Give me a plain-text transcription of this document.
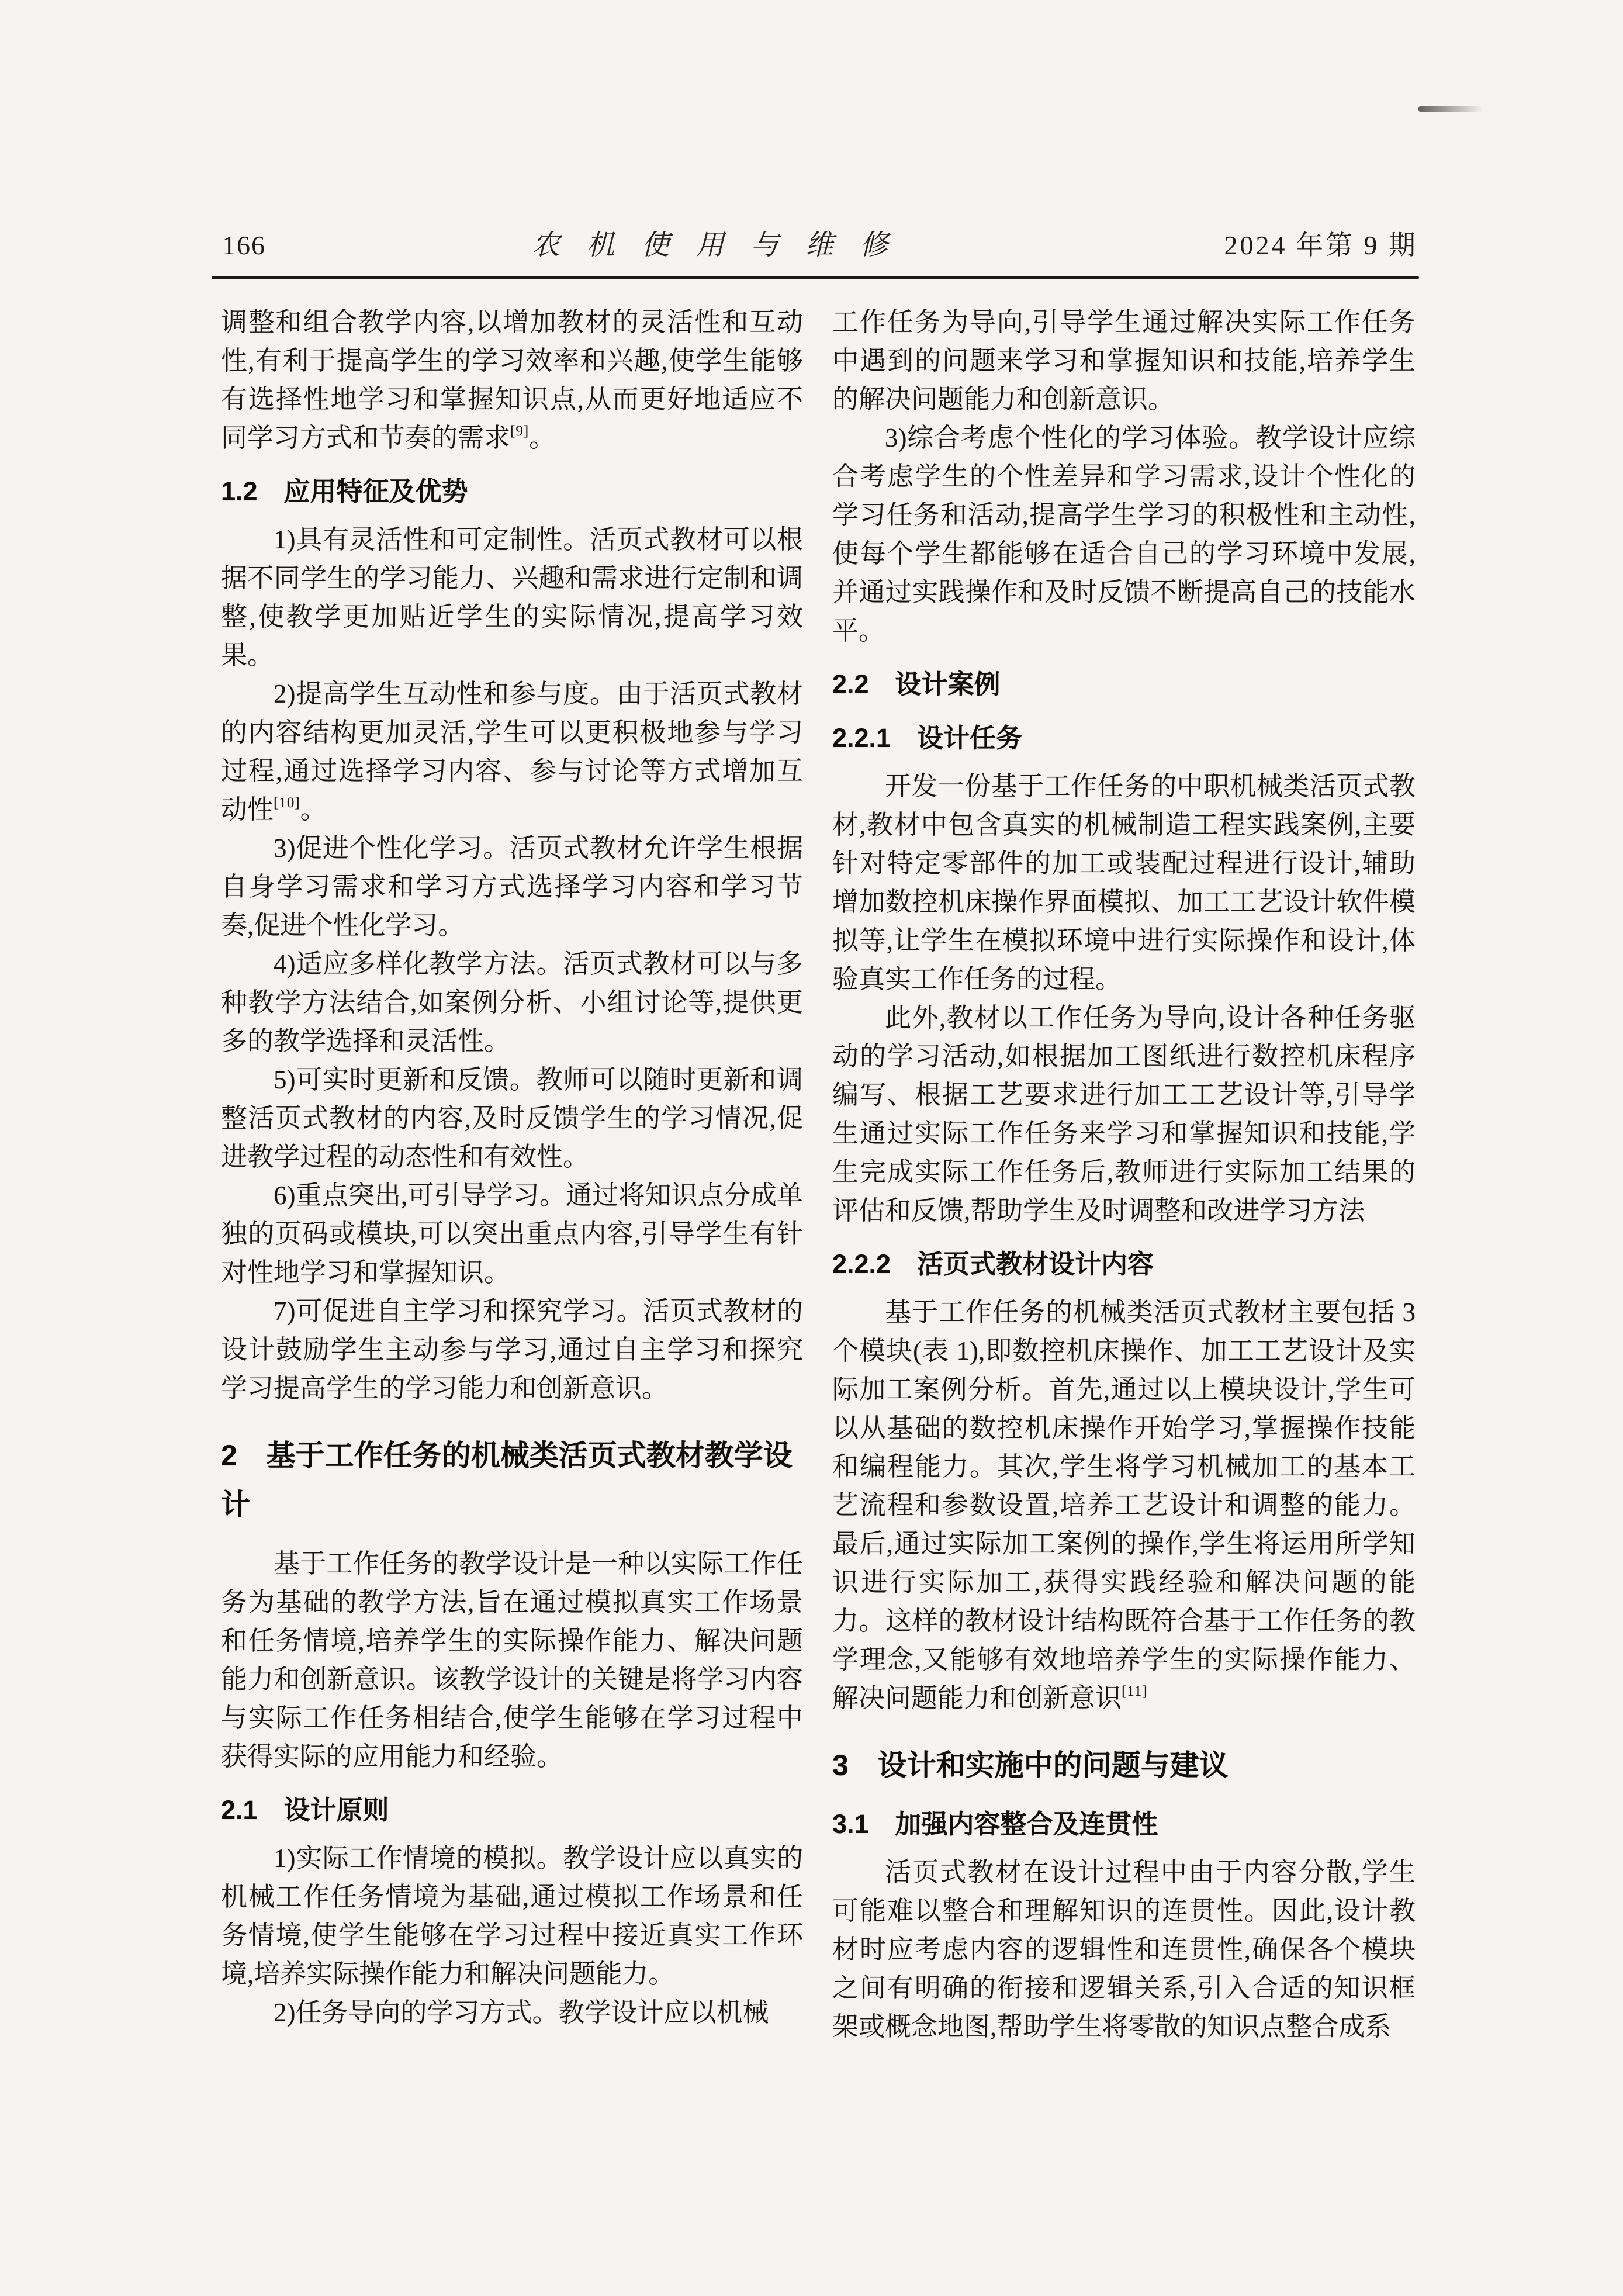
166	农机使用与维修	2024 年第 9 期
调整和组合教学内容,以增加教材的灵活性和互动性,有利于提高学生的学习效率和兴趣,使学生能够有选择性地学习和掌握知识点,从而更好地适应不同学习方式和节奏的需求[9]。
1.2　应用特征及优势
1)具有灵活性和可定制性。活页式教材可以根据不同学生的学习能力、兴趣和需求进行定制和调整,使教学更加贴近学生的实际情况,提高学习效果。
2)提高学生互动性和参与度。由于活页式教材的内容结构更加灵活,学生可以更积极地参与学习过程,通过选择学习内容、参与讨论等方式增加互动性[10]。
3)促进个性化学习。活页式教材允许学生根据自身学习需求和学习方式选择学习内容和学习节奏,促进个性化学习。
4)适应多样化教学方法。活页式教材可以与多种教学方法结合,如案例分析、小组讨论等,提供更多的教学选择和灵活性。
5)可实时更新和反馈。教师可以随时更新和调整活页式教材的内容,及时反馈学生的学习情况,促进教学过程的动态性和有效性。
6)重点突出,可引导学习。通过将知识点分成单独的页码或模块,可以突出重点内容,引导学生有针对性地学习和掌握知识。
7)可促进自主学习和探究学习。活页式教材的设计鼓励学生主动参与学习,通过自主学习和探究学习提高学生的学习能力和创新意识。
2　基于工作任务的机械类活页式教材教学设计
基于工作任务的教学设计是一种以实际工作任务为基础的教学方法,旨在通过模拟真实工作场景和任务情境,培养学生的实际操作能力、解决问题能力和创新意识。该教学设计的关键是将学习内容与实际工作任务相结合,使学生能够在学习过程中获得实际的应用能力和经验。
2.1　设计原则
1)实际工作情境的模拟。教学设计应以真实的机械工作任务情境为基础,通过模拟工作场景和任务情境,使学生能够在学习过程中接近真实工作环境,培养实际操作能力和解决问题能力。
2)任务导向的学习方式。教学设计应以机械
工作任务为导向,引导学生通过解决实际工作任务中遇到的问题来学习和掌握知识和技能,培养学生的解决问题能力和创新意识。
3)综合考虑个性化的学习体验。教学设计应综合考虑学生的个性差异和学习需求,设计个性化的学习任务和活动,提高学生学习的积极性和主动性,使每个学生都能够在适合自己的学习环境中发展,并通过实践操作和及时反馈不断提高自己的技能水平。
2.2　设计案例
2.2.1　设计任务
开发一份基于工作任务的中职机械类活页式教材,教材中包含真实的机械制造工程实践案例,主要针对特定零部件的加工或装配过程进行设计,辅助增加数控机床操作界面模拟、加工工艺设计软件模拟等,让学生在模拟环境中进行实际操作和设计,体验真实工作任务的过程。
此外,教材以工作任务为导向,设计各种任务驱动的学习活动,如根据加工图纸进行数控机床程序编写、根据工艺要求进行加工工艺设计等,引导学生通过实际工作任务来学习和掌握知识和技能,学生完成实际工作任务后,教师进行实际加工结果的评估和反馈,帮助学生及时调整和改进学习方法
2.2.2　活页式教材设计内容
基于工作任务的机械类活页式教材主要包括 3 个模块(表 1),即数控机床操作、加工工艺设计及实际加工案例分析。首先,通过以上模块设计,学生可以从基础的数控机床操作开始学习,掌握操作技能和编程能力。其次,学生将学习机械加工的基本工艺流程和参数设置,培养工艺设计和调整的能力。最后,通过实际加工案例的操作,学生将运用所学知识进行实际加工,获得实践经验和解决问题的能力。这样的教材设计结构既符合基于工作任务的教学理念,又能够有效地培养学生的实际操作能力、解决问题能力和创新意识[11]
3　设计和实施中的问题与建议
3.1　加强内容整合及连贯性
活页式教材在设计过程中由于内容分散,学生可能难以整合和理解知识的连贯性。因此,设计教材时应考虑内容的逻辑性和连贯性,确保各个模块之间有明确的衔接和逻辑关系,引入合适的知识框架或概念地图,帮助学生将零散的知识点整合成系
